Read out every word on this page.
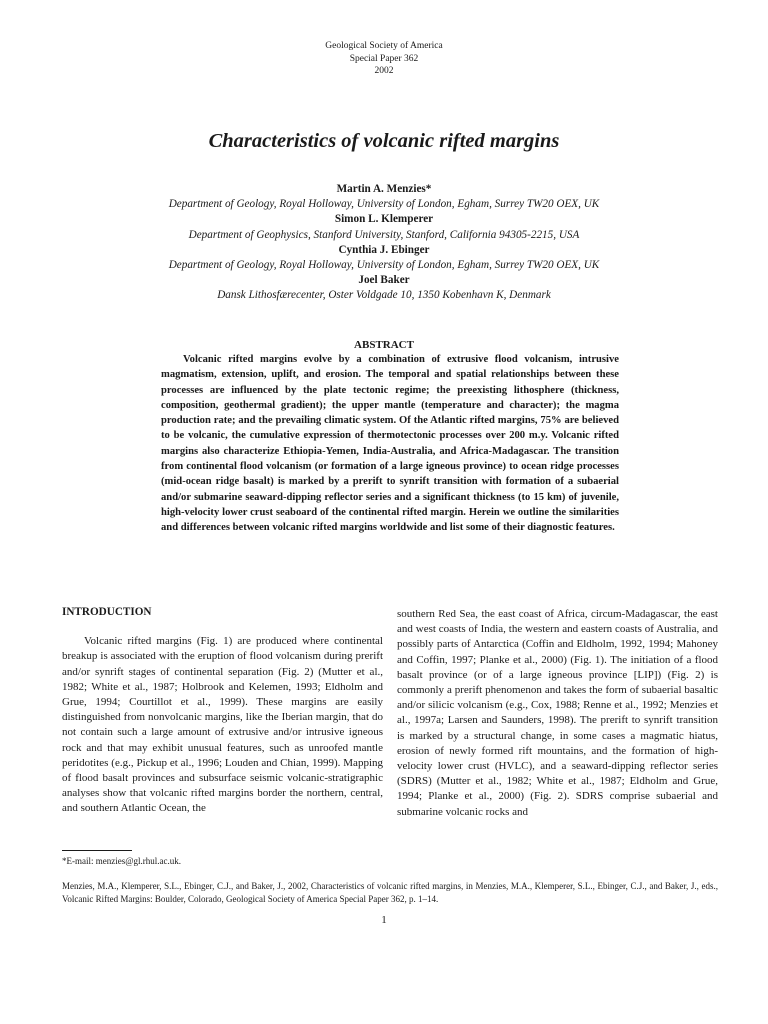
Geological Society of America
Special Paper 362
2002
Characteristics of volcanic rifted margins
Martin A. Menzies*
Department of Geology, Royal Holloway, University of London, Egham, Surrey TW20 OEX, UK
Simon L. Klemperer
Department of Geophysics, Stanford University, Stanford, California 94305-2215, USA
Cynthia J. Ebinger
Department of Geology, Royal Holloway, University of London, Egham, Surrey TW20 OEX, UK
Joel Baker
Dansk Lithosfærecenter, Oster Voldgade 10, 1350 Kobenhavn K, Denmark
ABSTRACT

Volcanic rifted margins evolve by a combination of extrusive flood volcanism, intrusive magmatism, extension, uplift, and erosion. The temporal and spatial relationships between these processes are influenced by the plate tectonic regime; the preexisting lithosphere (thickness, composition, geothermal gradient); the upper mantle (temperature and character); the magma production rate; and the prevailing climatic system. Of the Atlantic rifted margins, 75% are believed to be volcanic, the cumulative expression of thermotectonic processes over 200 m.y. Volcanic rifted margins also characterize Ethiopia-Yemen, India-Australia, and Africa-Madagascar. The transition from continental flood volcanism (or formation of a large igneous province) to ocean ridge processes (mid-ocean ridge basalt) is marked by a prerift to synrift transition with formation of a subaerial and/or submarine seaward-dipping reflector series and a significant thickness (to 15 km) of juvenile, high-velocity lower crust seaboard of the continental rifted margin. Herein we outline the similarities and differences between volcanic rifted margins worldwide and list some of their diagnostic features.

INTRODUCTION

Volcanic rifted margins (Fig. 1) are produced where continental breakup is associated with the eruption of flood volcanism during prerift and/or synrift stages of continental separation (Fig. 2) (Mutter et al., 1982; White et al., 1987; Holbrook and Kelemen, 1993; Eldholm and Grue, 1994; Courtillot et al., 1999). These margins are easily distinguished from nonvolcanic margins, like the Iberian margin, that do not contain such a large amount of extrusive and/or intrusive igneous rock and that may exhibit unusual features, such as unroofed mantle peridotites (e.g., Pickup et al., 1996; Louden and Chian, 1999). Mapping of flood basalt provinces and subsurface seismic volcanic-stratigraphic analyses show that volcanic rifted margins border the northern, central, and southern Atlantic Ocean, the

southern Red Sea, the east coast of Africa, circum-Madagascar, the east and west coasts of India, the western and eastern coasts of Australia, and possibly parts of Antarctica (Coffin and Eldholm, 1992, 1994; Mahoney and Coffin, 1997; Planke et al., 2000) (Fig. 1). The initiation of a flood basalt province (or of a large igneous province [LIP]) (Fig. 2) is commonly a prerift phenomenon and takes the form of subaerial basaltic and/or silicic volcanism (e.g., Cox, 1988; Renne et al., 1992; Menzies et al., 1997a; Larsen and Saunders, 1998). The prerift to synrift transition is marked by a structural change, in some cases a magmatic hiatus, erosion of newly formed rift mountains, and the formation of high-velocity lower crust (HVLC), and a seaward-dipping reflector series (SDRS) (Mutter et al., 1982; White et al., 1987; Eldholm and Grue, 1994; Planke et al., 2000) (Fig. 2). SDRS comprise subaerial and submarine volcanic rocks and

*E-mail: menzies@gl.rhul.ac.uk.
Menzies, M.A., Klemperer, S.L., Ebinger, C.J., and Baker, J., 2002, Characteristics of volcanic rifted margins, in Menzies, M.A., Klemperer, S.L., Ebinger, C.J., and Baker, J., eds., Volcanic Rifted Margins: Boulder, Colorado, Geological Society of America Special Paper 362, p. 1–14.
1
